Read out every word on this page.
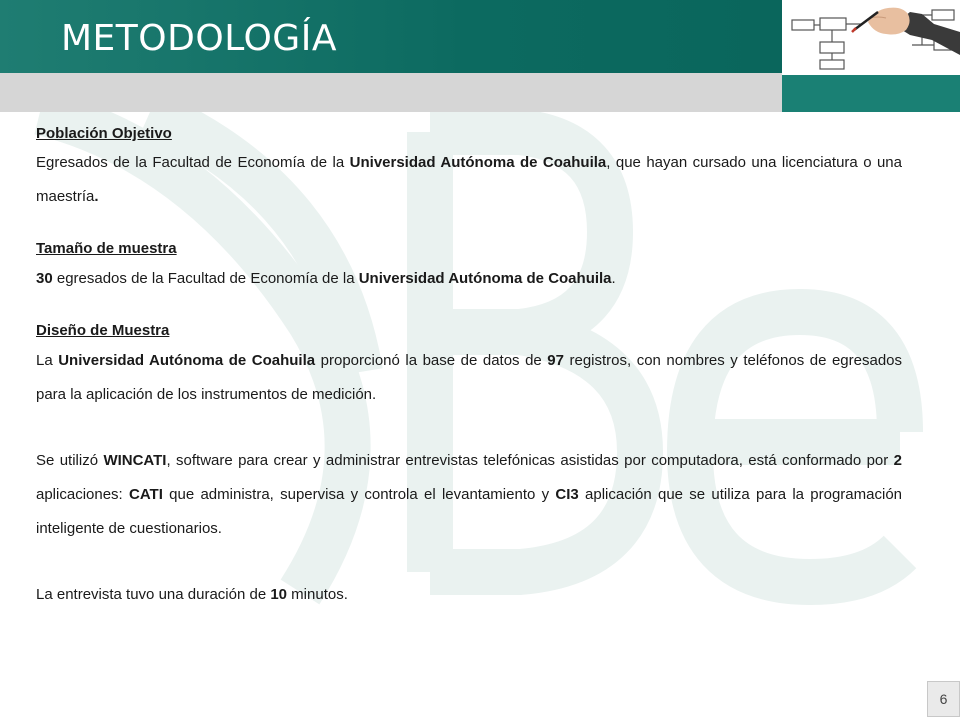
METODOLOGÍA

Población Objetivo

Egresados de la Facultad de Economía de la Universidad Autónoma de Coahuila, que hayan cursado una licenciatura o una maestría.

Tamaño de muestra

30 egresados de la Facultad de Economía de la Universidad Autónoma de Coahuila.

Diseño de Muestra

La Universidad Autónoma de Coahuila proporcionó la base de datos de 97 registros, con nombres y teléfonos de egresados para la aplicación de los instrumentos de medición.

Se utilizó WINCATI, software para crear y administrar entrevistas telefónicas asistidas por computadora, está conformado por 2 aplicaciones: CATI que administra, supervisa y controla el levantamiento y CI3 aplicación que se utiliza para la programación inteligente de cuestionarios.

La entrevista tuvo una duración de 10 minutos.

6
